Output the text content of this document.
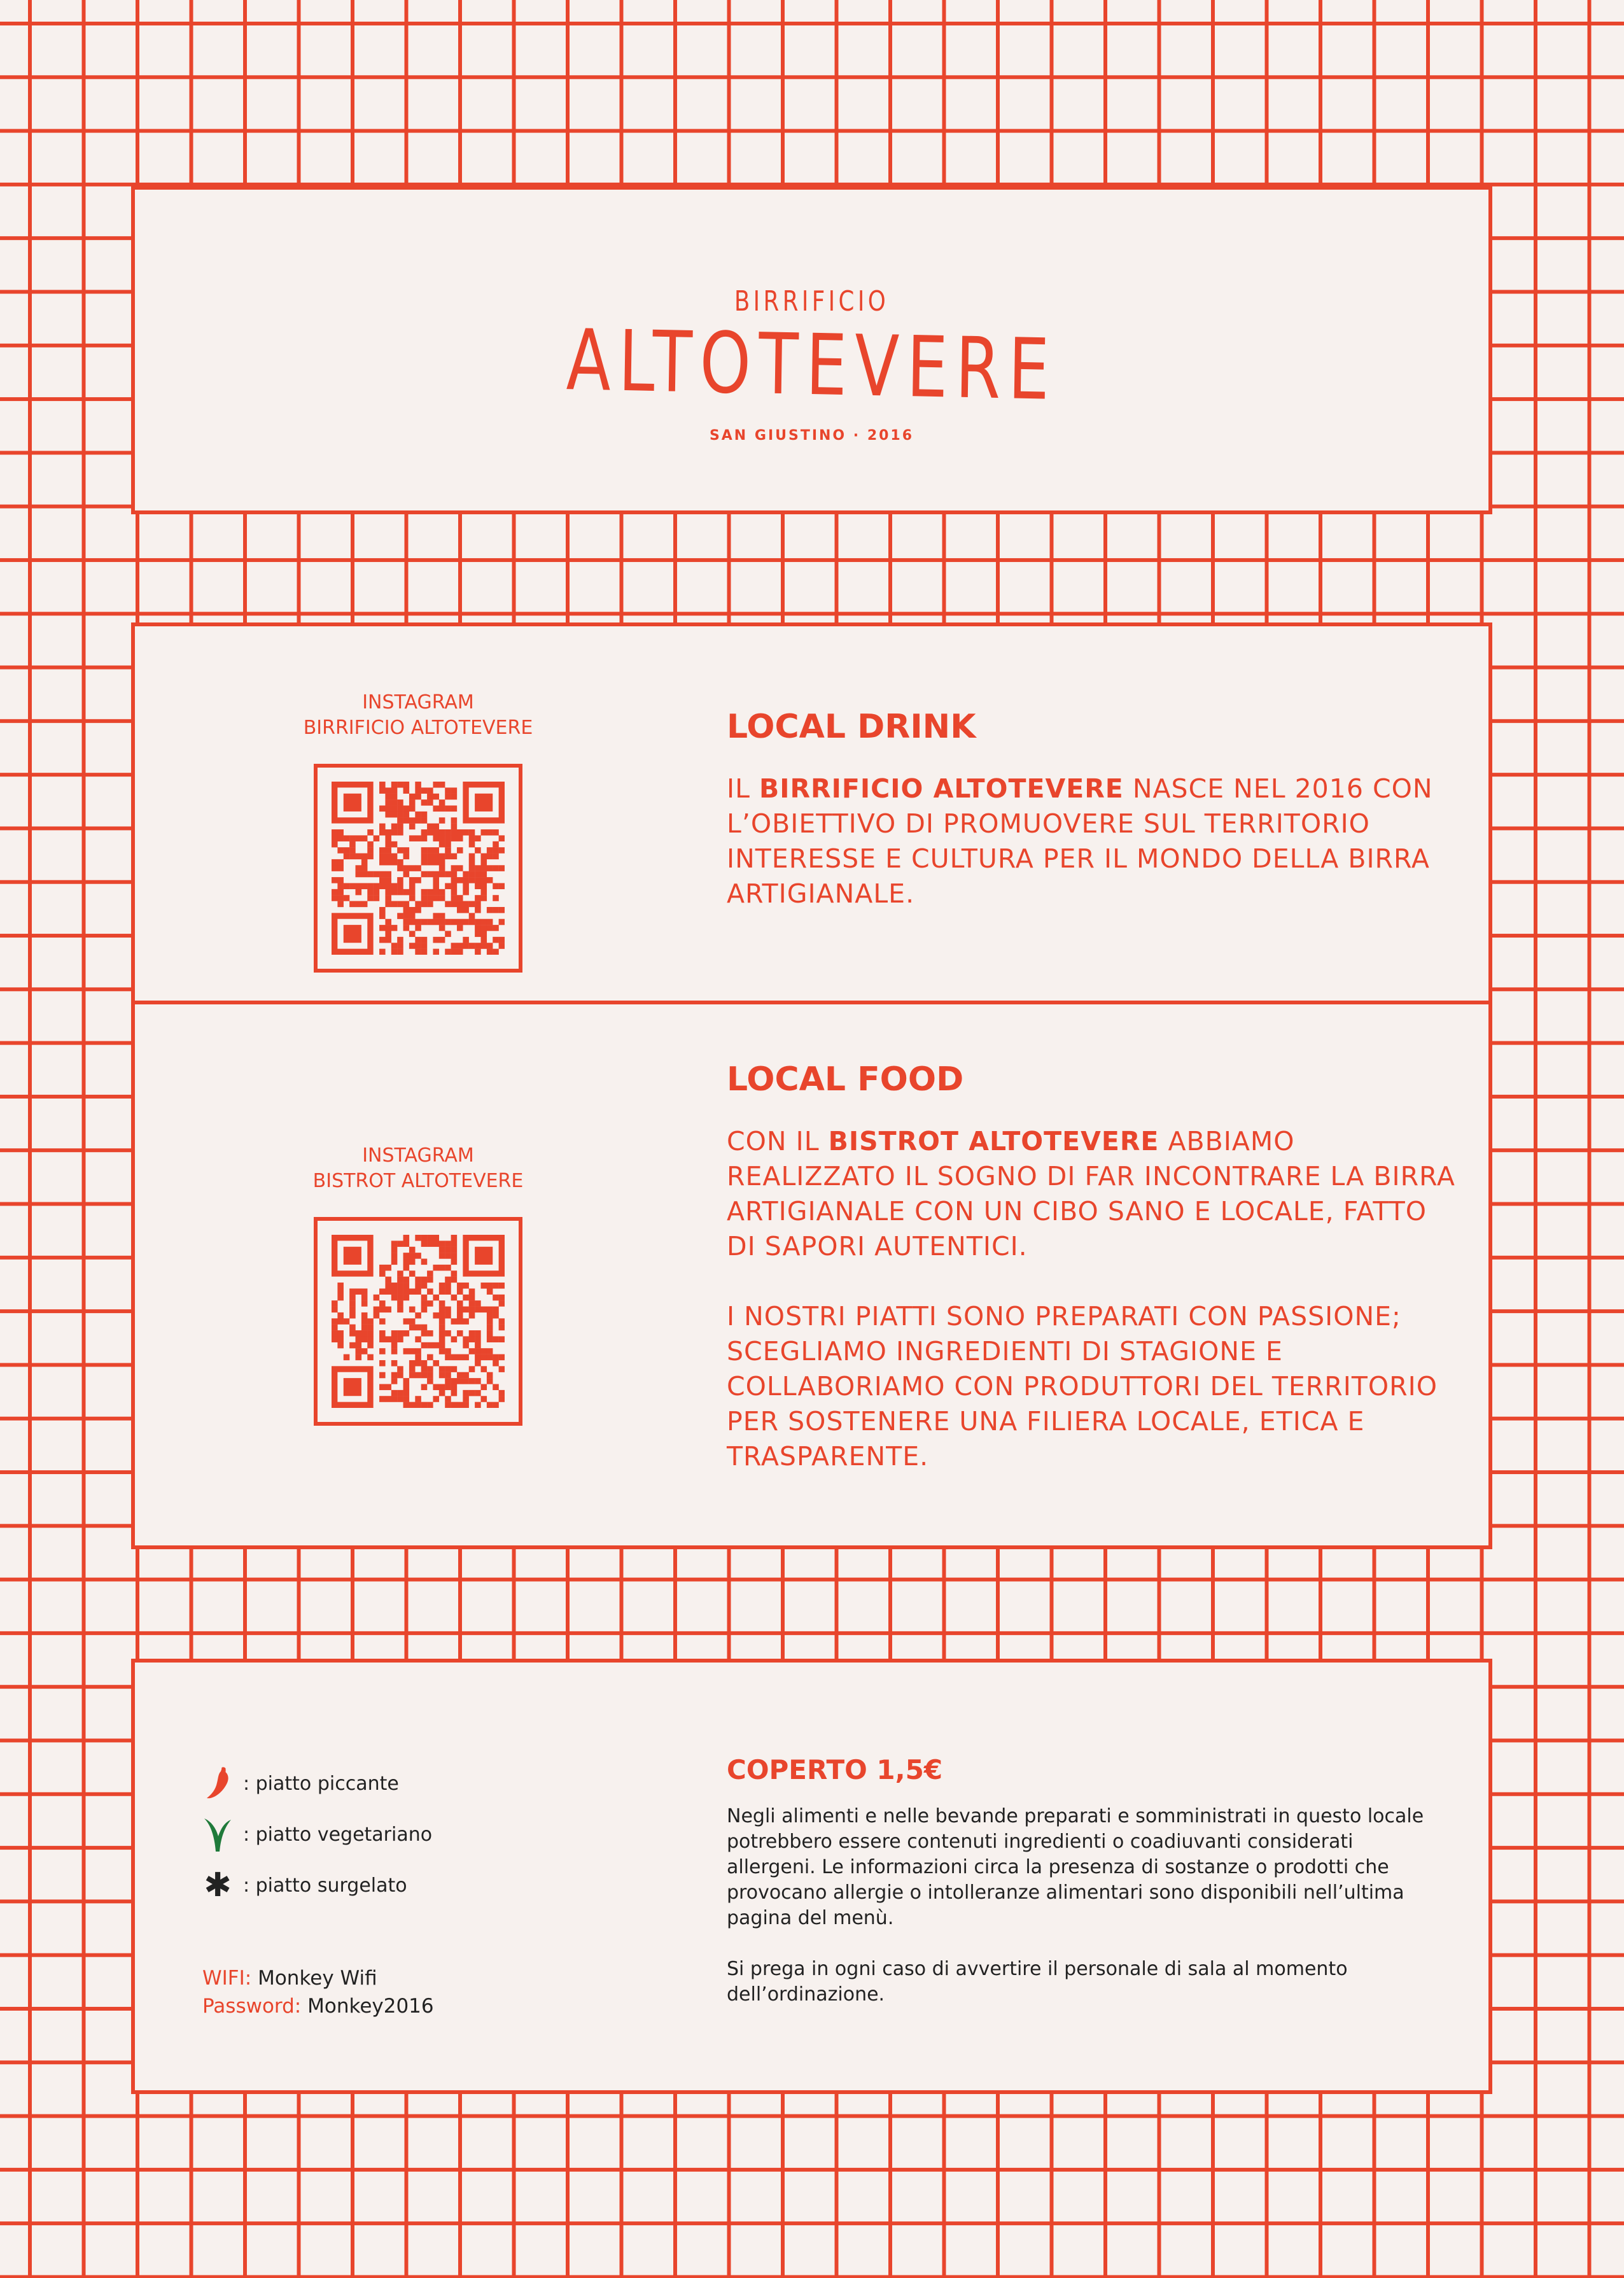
BIRRIFICIO
ALTOTEVERE
SAN GIUSTINO · 2016
INSTAGRAM
BIRRIFICIO ALTOTEVERE	LOCAL DRINK

IL BIRRIFICIO ALTOTEVERE NASCE NEL 2016 CON L’OBIETTIVO DI PROMUOVERE SUL TERRITORIO INTERESSE E CULTURA PER IL MONDO DELLA BIRRA ARTIGIANALE.

INSTAGRAM
BISTROT ALTOTEVERE
LOCAL FOOD

CON IL BISTROT ALTOTEVERE ABBIAMO REALIZZATO IL SOGNO DI FAR INCONTRARE LA BIRRA ARTIGIANALE CON UN CIBO SANO E LOCALE, FATTO DI SAPORI AUTENTICI.

I NOSTRI PIATTI SONO PREPARATI CON PASSIONE; SCEGLIAMO INGREDIENTI DI STAGIONE E COLLABORIAMO CON PRODUTTORI DEL TERRITORIO PER SOSTENERE UNA FILIERA LOCALE, ETICA E TRASPARENTE.

: piatto piccante
: piatto vegetariano
✱ : piatto surgelato
WIFI: Monkey Wifi
Password: Monkey2016
COPERTO 1,5€

Negli alimenti e nelle bevande preparati e somministrati in questo locale potrebbero essere contenuti ingredienti o coadiuvanti considerati allergeni. Le informazioni circa la presenza di sostanze o prodotti che provocano allergie o intolleranze alimentari sono disponibili nell’ultima pagina del menù.

Si prega in ogni caso di avvertire il personale di sala al momento dell’ordinazione.
